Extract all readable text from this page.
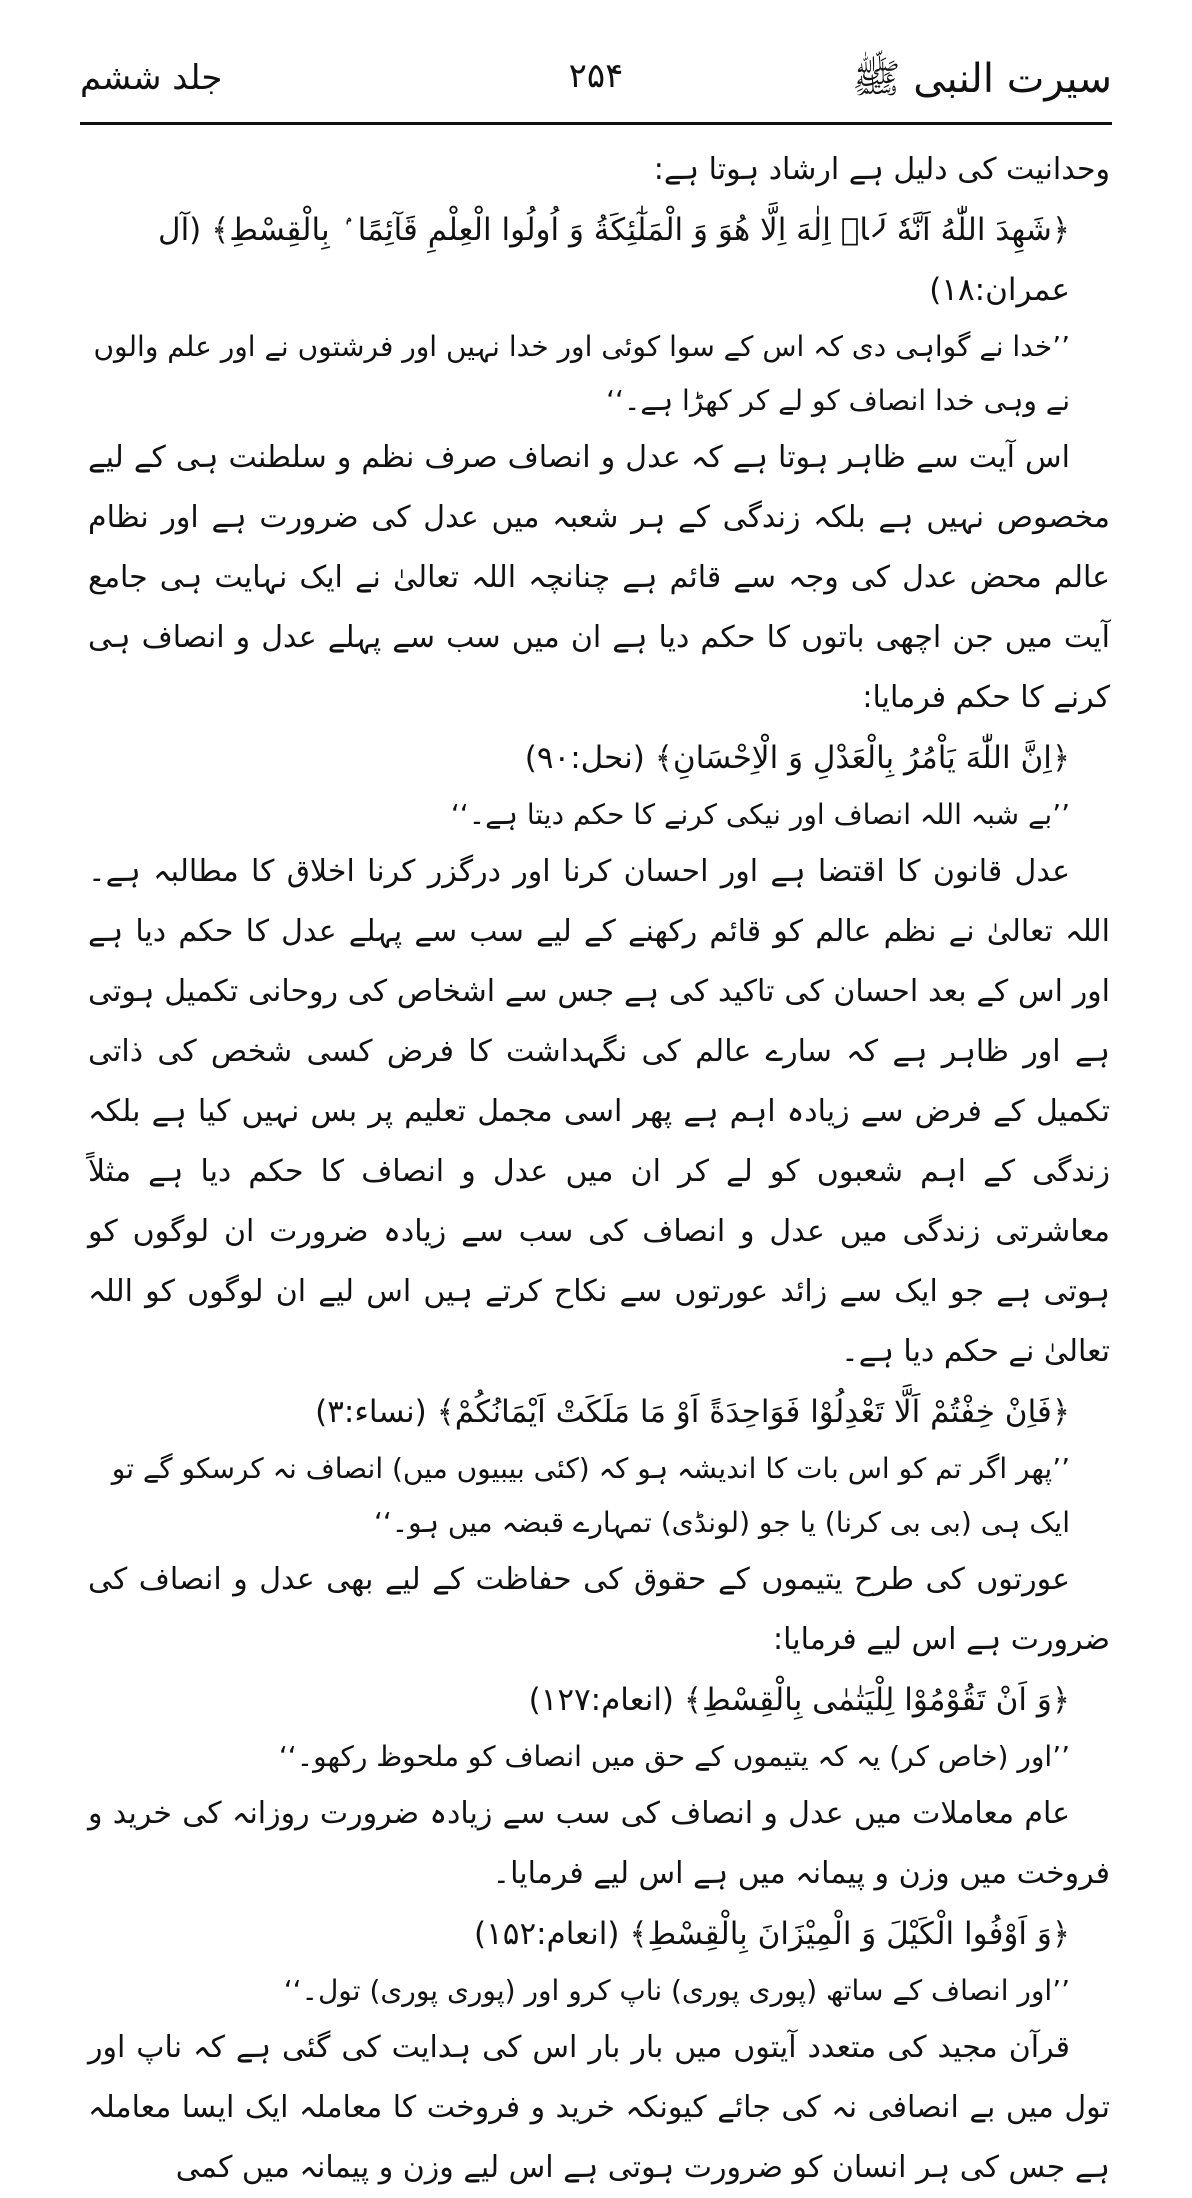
سیرت النبی ﷺ
۲۵۴
جلد ششم
وحدانیت کی دلیل ہے ارشاد ہوتا ہے:
﴿شَهِدَ اللّٰهُ اَنَّهٗ لَاۤ اِلٰهَ اِلَّا هُوَ وَ الْمَلٰٓئِكَةُ وَ اُولُوا الْعِلْمِ قَآئِمًا ۢ بِالْقِسْطِ﴾ (آل عمران:۱۸)
’’خدا نے گواہی دی کہ اس کے سوا کوئی اور خدا نہیں اور فرشتوں نے اور علم والوں نے وہی خدا انصاف کو لے کر کھڑا ہے۔‘‘
اس آیت سے ظاہر ہوتا ہے کہ عدل و انصاف صرف نظم و سلطنت ہی کے لیے مخصوص نہیں ہے بلکہ زندگی کے ہر شعبہ میں عدل کی ضرورت ہے اور نظام عالم محض عدل کی وجہ سے قائم ہے چنانچہ اللہ تعالیٰ نے ایک نہایت ہی جامع آیت میں جن اچھی باتوں کا حکم دیا ہے ان میں سب سے پہلے عدل و انصاف ہی کرنے کا حکم فرمایا:
﴿اِنَّ اللّٰهَ يَاْمُرُ بِالْعَدْلِ وَ الْاِحْسَانِ﴾ (نحل:۹۰)
’’بے شبہ اللہ انصاف اور نیکی کرنے کا حکم دیتا ہے۔‘‘
عدل قانون کا اقتضا ہے اور احسان کرنا اور درگزر کرنا اخلاق کا مطالبہ ہے۔ اللہ تعالیٰ نے نظم عالم کو قائم رکھنے کے لیے سب سے پہلے عدل کا حکم دیا ہے اور اس کے بعد احسان کی تاکید کی ہے جس سے اشخاص کی روحانی تکمیل ہوتی ہے اور ظاہر ہے کہ سارے عالم کی نگہداشت کا فرض کسی شخص کی ذاتی تکمیل کے فرض سے زیادہ اہم ہے پھر اسی مجمل تعلیم پر بس نہیں کیا ہے بلکہ زندگی کے اہم شعبوں کو لے کر ان میں عدل و انصاف کا حکم دیا ہے مثلاً معاشرتی زندگی میں عدل و انصاف کی سب سے زیادہ ضرورت ان لوگوں کو ہوتی ہے جو ایک سے زائد عورتوں سے نکاح کرتے ہیں اس لیے ان لوگوں کو اللہ تعالیٰ نے حکم دیا ہے۔
﴿فَاِنْ خِفْتُمْ اَلَّا تَعْدِلُوْا فَوَاحِدَةً اَوْ مَا مَلَكَتْ اَيْمَانُكُمْ﴾ (نساء:۳)
’’پھر اگر تم کو اس بات کا اندیشہ ہو کہ (کئی بیبیوں میں) انصاف نہ کرسکو گے تو ایک ہی (بی بی کرنا) یا جو (لونڈی) تمہارے قبضہ میں ہو۔‘‘
عورتوں کی طرح یتیموں کے حقوق کی حفاظت کے لیے بھی عدل و انصاف کی ضرورت ہے اس لیے فرمایا:
﴿وَ اَنْ تَقُوْمُوْا لِلْيَتٰمٰى بِالْقِسْطِ﴾ (انعام:۱۲۷)
’’اور (خاص کر) یہ کہ یتیموں کے حق میں انصاف کو ملحوظ رکھو۔‘‘
عام معاملات میں عدل و انصاف کی سب سے زیادہ ضرورت روزانہ کی خرید و فروخت میں وزن و پیمانہ میں ہے اس لیے فرمایا۔
﴿وَ اَوْفُوا الْكَيْلَ وَ الْمِيْزَانَ بِالْقِسْطِ﴾ (انعام:۱۵۲)
’’اور انصاف کے ساتھ (پوری پوری) ناپ کرو اور (پوری پوری) تول۔‘‘
قرآن مجید کی متعدد آیتوں میں بار بار اس کی ہدایت کی گئی ہے کہ ناپ اور تول میں بے انصافی نہ کی جائے کیونکہ خرید و فروخت کا معاملہ ایک ایسا معاملہ ہے جس کی ہر انسان کو ضرورت ہوتی ہے اس لیے وزن و پیمانہ میں کمی
